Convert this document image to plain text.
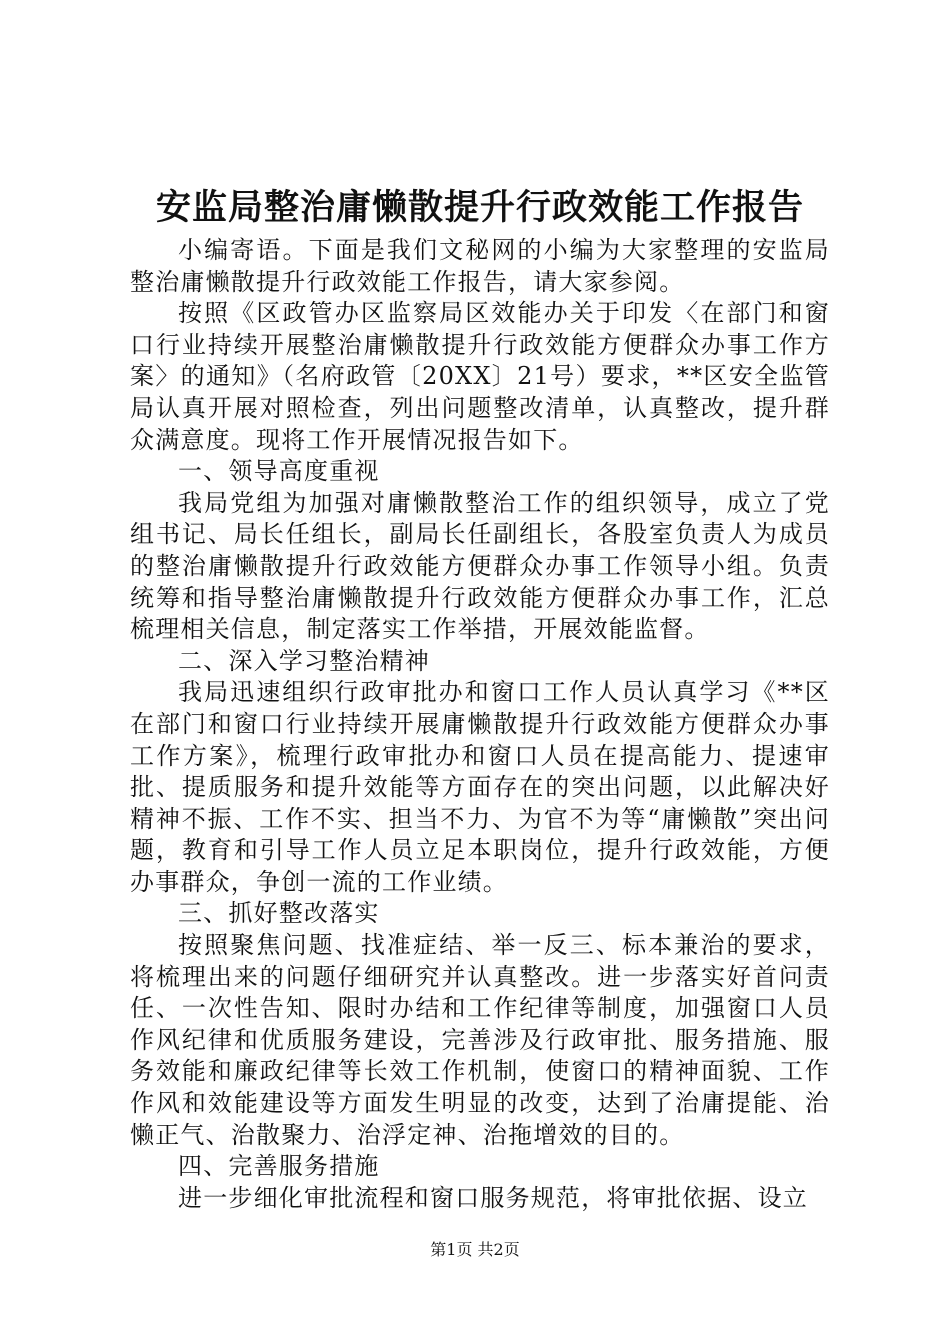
安监局整治庸懒散提升行政效能工作报告

小编寄语。下面是我们文秘网的小编为大家整理的安监局整治庸懒散提升行政效能工作报告，请大家参阅。

按照《区政管办区监察局区效能办关于印发〈在部门和窗口行业持续开展整治庸懒散提升行政效能方便群众办事工作方案〉的通知》（名府政管〔20XX〕21号）要求，**区安全监管局认真开展对照检查，列出问题整改清单，认真整改，提升群众满意度。现将工作开展情况报告如下。

一、领导高度重视

我局党组为加强对庸懒散整治工作的组织领导，成立了党组书记、局长任组长，副局长任副组长，各股室负责人为成员的整治庸懒散提升行政效能方便群众办事工作领导小组。负责统筹和指导整治庸懒散提升行政效能方便群众办事工作，汇总梳理相关信息，制定落实工作举措，开展效能监督。

二、深入学习整治精神

我局迅速组织行政审批办和窗口工作人员认真学习《**区在部门和窗口行业持续开展庸懒散提升行政效能方便群众办事工作方案》，梳理行政审批办和窗口人员在提高能力、提速审批、提质服务和提升效能等方面存在的突出问题，以此解决好精神不振、工作不实、担当不力、为官不为等“庸懒散”突出问题，教育和引导工作人员立足本职岗位，提升行政效能，方便办事群众，争创一流的工作业绩。

三、抓好整改落实

按照聚焦问题、找准症结、举一反三、标本兼治的要求，将梳理出来的问题仔细研究并认真整改。进一步落实好首问责任、一次性告知、限时办结和工作纪律等制度，加强窗口人员作风纪律和优质服务建设，完善涉及行政审批、服务措施、服务效能和廉政纪律等长效工作机制，使窗口的精神面貌、工作作风和效能建设等方面发生明显的改变，达到了治庸提能、治懒正气、治散聚力、治浮定神、治拖增效的目的。

四、完善服务措施

进一步细化审批流程和窗口服务规范，将审批依据、设立

第1页 共2页
